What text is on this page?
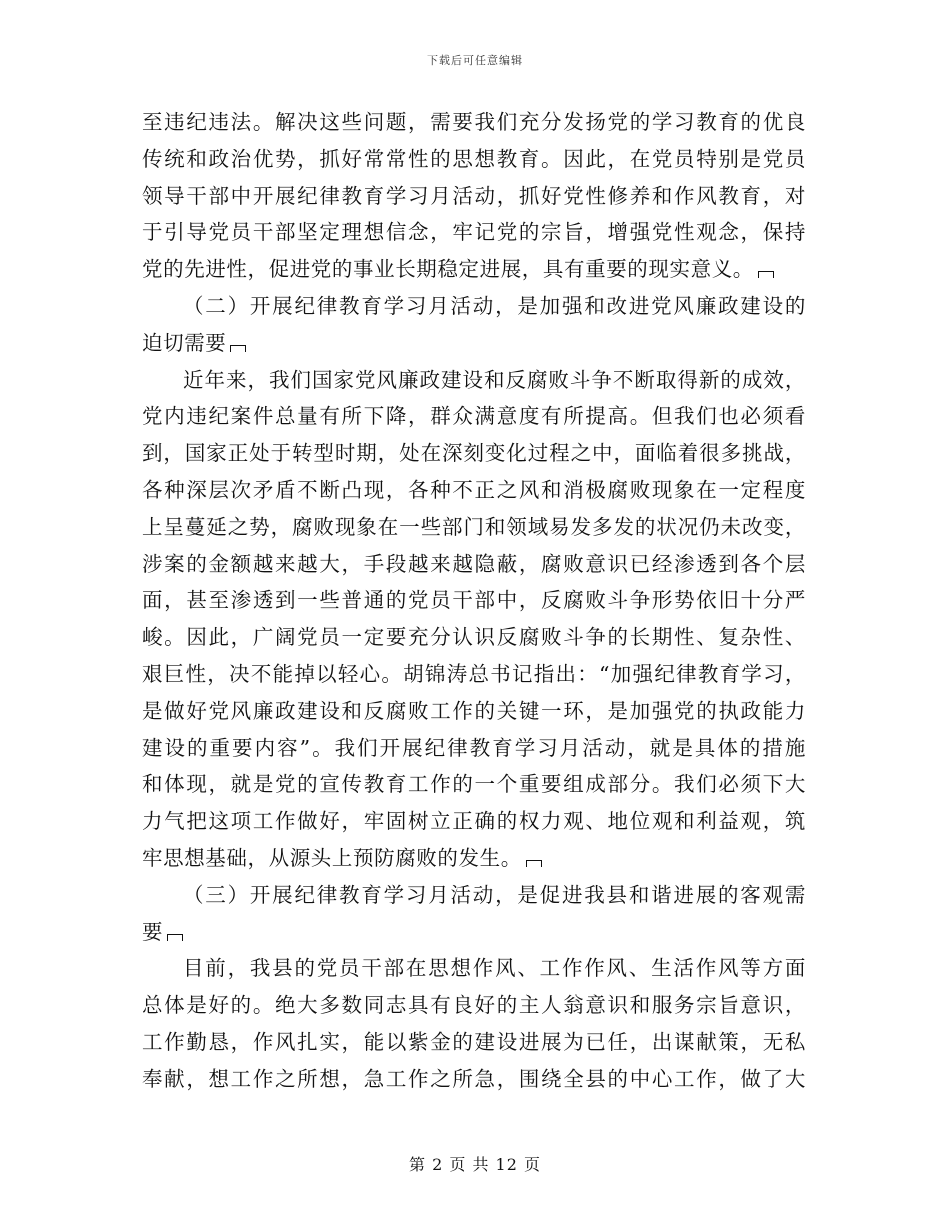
下载后可任意编辑
至违纪违法。解决这些问题，需要我们充分发扬党的学习教育的优良
传统和政治优势，抓好常常性的思想教育。因此，在党员特别是党员
领导干部中开展纪律教育学习月活动，抓好党性修养和作风教育，对
于引导党员干部坚定理想信念，牢记党的宗旨，增强党性观念，保持
党的先进性，促进党的事业长期稳定进展，具有重要的现实意义。
（二）开展纪律教育学习月活动，是加强和改进党风廉政建设的
迫切需要
近年来，我们国家党风廉政建设和反腐败斗争不断取得新的成效，
党内违纪案件总量有所下降，群众满意度有所提高。但我们也必须看
到，国家正处于转型时期，处在深刻变化过程之中，面临着很多挑战，
各种深层次矛盾不断凸现，各种不正之风和消极腐败现象在一定程度
上呈蔓延之势，腐败现象在一些部门和领域易发多发的状况仍未改变，
涉案的金额越来越大，手段越来越隐蔽，腐败意识已经渗透到各个层
面，甚至渗透到一些普通的党员干部中，反腐败斗争形势依旧十分严
峻。因此，广阔党员一定要充分认识反腐败斗争的长期性、复杂性、
艰巨性，决不能掉以轻心。胡锦涛总书记指出：“加强纪律教育学习，
是做好党风廉政建设和反腐败工作的关键一环，是加强党的执政能力
建设的重要内容”。我们开展纪律教育学习月活动，就是具体的措施
和体现，就是党的宣传教育工作的一个重要组成部分。我们必须下大
力气把这项工作做好，牢固树立正确的权力观、地位观和利益观，筑
牢思想基础，从源头上预防腐败的发生。
（三）开展纪律教育学习月活动，是促进我县和谐进展的客观需
要
目前，我县的党员干部在思想作风、工作作风、生活作风等方面
总体是好的。绝大多数同志具有良好的主人翁意识和服务宗旨意识，
工作勤恳，作风扎实，能以紫金的建设进展为已任，出谋献策，无私
奉献，想工作之所想，急工作之所急，围绕全县的中心工作，做了大
第 2 页 共 12 页
